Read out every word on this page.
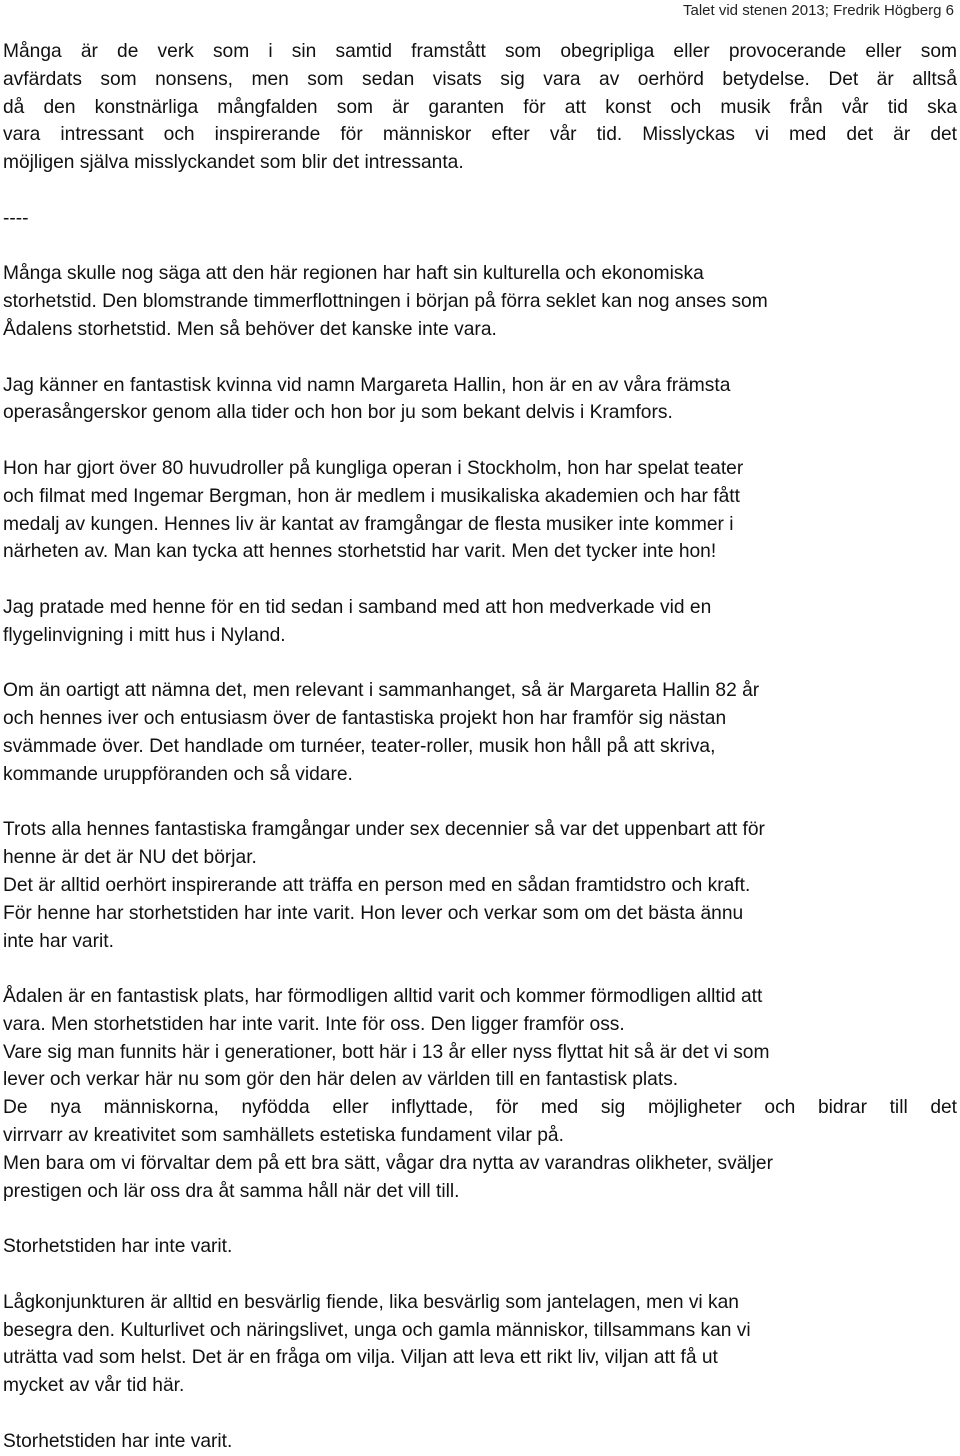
Talet vid stenen 2013; Fredrik Högberg 6

Många är de verk som i sin samtid framstått som obegripliga eller provocerande eller som

avfärdats som nonsens, men som sedan visats sig vara av oerhörd betydelse. Det är alltså

då den konstnärliga mångfalden som är garanten för att konst och musik från vår tid ska

vara intressant och inspirerande för människor efter vår tid. Misslyckas vi med det är det

möjligen själva misslyckandet som blir det intressanta.

----

Många skulle nog säga att den här regionen har haft sin kulturella och ekonomiska

storhetstid. Den blomstrande timmerflottningen i början på förra seklet kan nog anses som

Ådalens storhetstid. Men så behöver det kanske inte vara.

Jag känner en fantastisk kvinna vid namn Margareta Hallin, hon är en av våra främsta

operasångerskor genom alla tider och hon bor ju som bekant delvis i Kramfors.

Hon har gjort över 80 huvudroller på kungliga operan i Stockholm, hon har spelat teater

och filmat med Ingemar Bergman, hon är medlem i musikaliska akademien och har fått

medalj av kungen. Hennes liv är kantat av framgångar de flesta musiker inte kommer i

närheten av. Man kan tycka att hennes storhetstid har varit. Men det tycker inte hon!

Jag pratade med henne för en tid sedan i samband med att hon medverkade vid en

flygelinvigning i mitt hus i Nyland.

Om än oartigt att nämna det, men relevant i sammanhanget, så är Margareta Hallin 82 år

och hennes iver och entusiasm över de fantastiska projekt hon har framför sig nästan

svämmade över. Det handlade om turnéer, teater-roller, musik hon håll på att skriva,

kommande uruppföranden och så vidare.

Trots alla hennes fantastiska framgångar under sex decennier så var det uppenbart att för

henne är det är NU det börjar.

Det är alltid oerhört inspirerande att träffa en person med en sådan framtidstro och kraft.

För henne har storhetstiden har inte varit. Hon lever och verkar som om det bästa ännu

inte har varit.

Ådalen är en fantastisk plats, har förmodligen alltid varit och kommer förmodligen alltid att

vara. Men storhetstiden har inte varit. Inte för oss. Den ligger framför oss.

Vare sig man funnits här i generationer, bott här i 13 år eller nyss flyttat hit så är det vi som

lever och verkar här nu som gör den här delen av världen till en fantastisk plats.

De nya människorna, nyfödda eller inflyttade, för med sig möjligheter och bidrar till det

virrvarr av kreativitet som samhällets estetiska fundament vilar på.

Men bara om vi förvaltar dem på ett bra sätt, vågar dra nytta av varandras olikheter, sväljer

prestigen och lär oss dra åt samma håll när det vill till.

Storhetstiden har inte varit.

Lågkonjunkturen är alltid en besvärlig fiende, lika besvärlig som jantelagen, men vi kan

besegra den. Kulturlivet och näringslivet, unga och gamla människor, tillsammans kan vi

uträtta vad som helst. Det är en fråga om vilja. Viljan att leva ett rikt liv, viljan att få ut

mycket av vår tid här.

Storhetstiden har inte varit.
